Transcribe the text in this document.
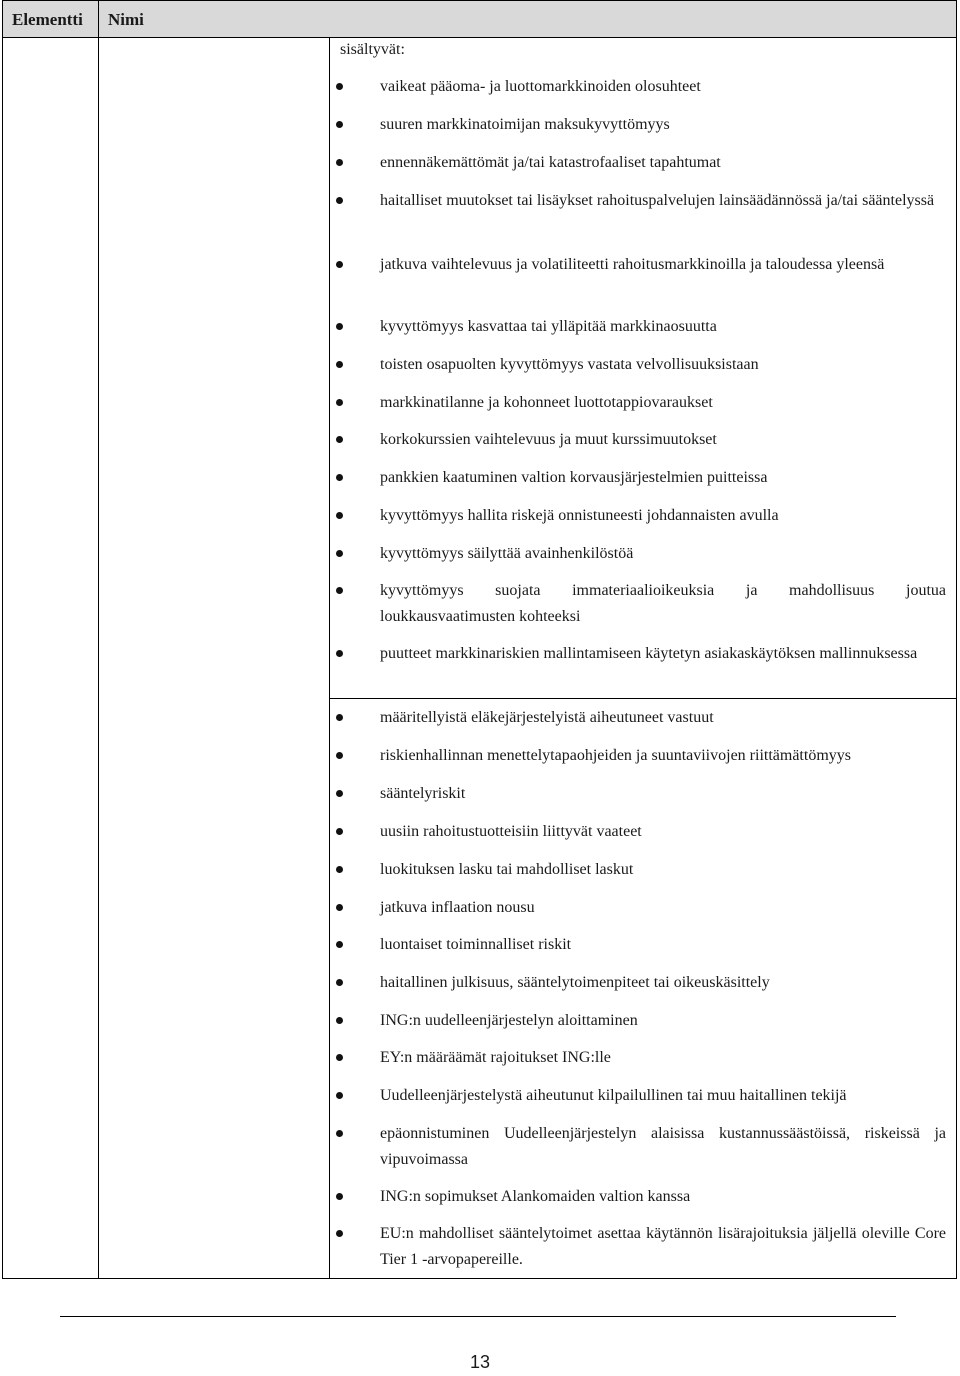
Elementti	Nimi
sisältyvät:
vaikeat pääoma- ja luottomarkkinoiden olosuhteet
suuren markkinatoimijan maksukyvyttömyys
ennennäkemättömät ja/tai katastrofaaliset tapahtumat
haitalliset muutokset tai lisäykset rahoituspalvelujen lainsäädännössä ja/tai sääntelyssä
jatkuva vaihtelevuus ja volatiliteetti rahoitusmarkkinoilla ja taloudessa yleensä
kyvyttömyys kasvattaa tai ylläpitää markkinaosuutta
toisten osapuolten kyvyttömyys vastata velvollisuuksistaan
markkinatilanne ja kohonneet luottotappiovaraukset
korkokurssien vaihtelevuus ja muut kurssimuutokset
pankkien kaatuminen valtion korvausjärjestelmien puitteissa
kyvyttömyys hallita riskejä onnistuneesti johdannaisten avulla
kyvyttömyys säilyttää avainhenkilöstöä
kyvyttömyys suojata immateriaalioikeuksia ja mahdollisuus joutua loukkausvaatimusten kohteeksi
puutteet markkinariskien mallintamiseen käytetyn asiakaskäytöksen mallinnuksessa
määritellyistä eläkejärjestelyistä aiheutuneet vastuut
riskienhallinnan menettelytapaohjeiden ja suuntaviivojen riittämättömyys
sääntelyriskit
uusiin rahoitustuotteisiin liittyvät vaateet
luokituksen lasku tai mahdolliset laskut
jatkuva inflaation nousu
luontaiset toiminnalliset riskit
haitallinen julkisuus, sääntelytoimenpiteet tai oikeuskäsittely
ING:n uudelleenjärjestelyn aloittaminen
EY:n määräämät rajoitukset ING:lle
Uudelleenjärjestelystä aiheutunut kilpailullinen tai muu haitallinen tekijä
epäonnistuminen Uudelleenjärjestelyn alaisissa kustannussäästöissä, riskeissä ja vipuvoimassa
ING:n sopimukset Alankomaiden valtion kanssa
EU:n mahdolliset sääntelytoimet asettaa käytännön lisärajoituksia jäljellä oleville Core Tier 1 -arvopapereille.
13
